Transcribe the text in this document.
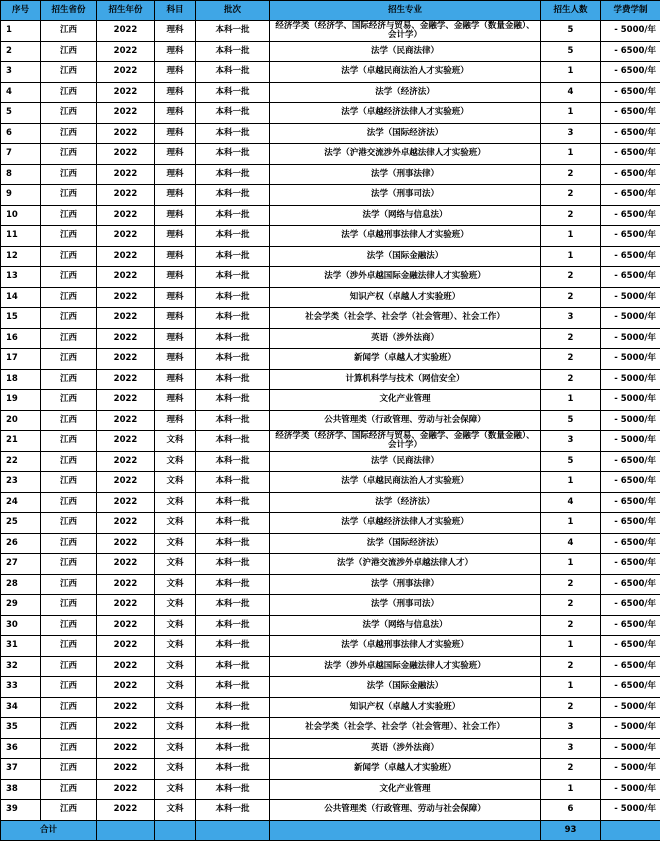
序号	招生省份	招生年份	科目	批次	招生专业	招生人数	学费学制
1	江西	2022	理科	本科一批	经济学类（经济学、国际经济与贸易、金融学、金融学（数量金融）、会计学）	5	- 5000/年
2	江西	2022	理科	本科一批	法学（民商法律）	5	- 6500/年
3	江西	2022	理科	本科一批	法学（卓越民商法治人才实验班）	1	- 6500/年
4	江西	2022	理科	本科一批	法学（经济法）	4	- 6500/年
5	江西	2022	理科	本科一批	法学（卓越经济法律人才实验班）	1	- 6500/年
6	江西	2022	理科	本科一批	法学（国际经济法）	3	- 6500/年
7	江西	2022	理科	本科一批	法学（沪港交流涉外卓越法律人才实验班）	1	- 6500/年
8	江西	2022	理科	本科一批	法学（刑事法律）	2	- 6500/年
9	江西	2022	理科	本科一批	法学（刑事司法）	2	- 6500/年
10	江西	2022	理科	本科一批	法学（网络与信息法）	2	- 6500/年
11	江西	2022	理科	本科一批	法学（卓越刑事法律人才实验班）	1	- 6500/年
12	江西	2022	理科	本科一批	法学（国际金融法）	1	- 6500/年
13	江西	2022	理科	本科一批	法学（涉外卓越国际金融法律人才实验班）	2	- 6500/年
14	江西	2022	理科	本科一批	知识产权（卓越人才实验班）	2	- 5000/年
15	江西	2022	理科	本科一批	社会学类（社会学、社会学（社会管理）、社会工作）	3	- 5000/年
16	江西	2022	理科	本科一批	英语（涉外法商）	2	- 5000/年
17	江西	2022	理科	本科一批	新闻学（卓越人才实验班）	2	- 5000/年
18	江西	2022	理科	本科一批	计算机科学与技术（网信安全）	2	- 5000/年
19	江西	2022	理科	本科一批	文化产业管理	1	- 5000/年
20	江西	2022	理科	本科一批	公共管理类（行政管理、劳动与社会保障）	5	- 5000/年
21	江西	2022	文科	本科一批	经济学类（经济学、国际经济与贸易、金融学、金融学（数量金融）、会计学）	3	- 5000/年
22	江西	2022	文科	本科一批	法学（民商法律）	5	- 6500/年
23	江西	2022	文科	本科一批	法学（卓越民商法治人才实验班）	1	- 6500/年
24	江西	2022	文科	本科一批	法学（经济法）	4	- 6500/年
25	江西	2022	文科	本科一批	法学（卓越经济法律人才实验班）	1	- 6500/年
26	江西	2022	文科	本科一批	法学（国际经济法）	4	- 6500/年
27	江西	2022	文科	本科一批	法学（沪港交流涉外卓越法律人才）	1	- 6500/年
28	江西	2022	文科	本科一批	法学（刑事法律）	2	- 6500/年
29	江西	2022	文科	本科一批	法学（刑事司法）	2	- 6500/年
30	江西	2022	文科	本科一批	法学（网络与信息法）	2	- 6500/年
31	江西	2022	文科	本科一批	法学（卓越刑事法律人才实验班）	1	- 6500/年
32	江西	2022	文科	本科一批	法学（涉外卓越国际金融法律人才实验班）	2	- 6500/年
33	江西	2022	文科	本科一批	法学（国际金融法）	1	- 6500/年
34	江西	2022	文科	本科一批	知识产权（卓越人才实验班）	2	- 5000/年
35	江西	2022	文科	本科一批	社会学类（社会学、社会学（社会管理）、社会工作）	3	- 5000/年
36	江西	2022	文科	本科一批	英语（涉外法商）	3	- 5000/年
37	江西	2022	文科	本科一批	新闻学（卓越人才实验班）	2	- 5000/年
38	江西	2022	文科	本科一批	文化产业管理	1	- 5000/年
39	江西	2022	文科	本科一批	公共管理类（行政管理、劳动与社会保障）	6	- 5000/年
合计						93	
